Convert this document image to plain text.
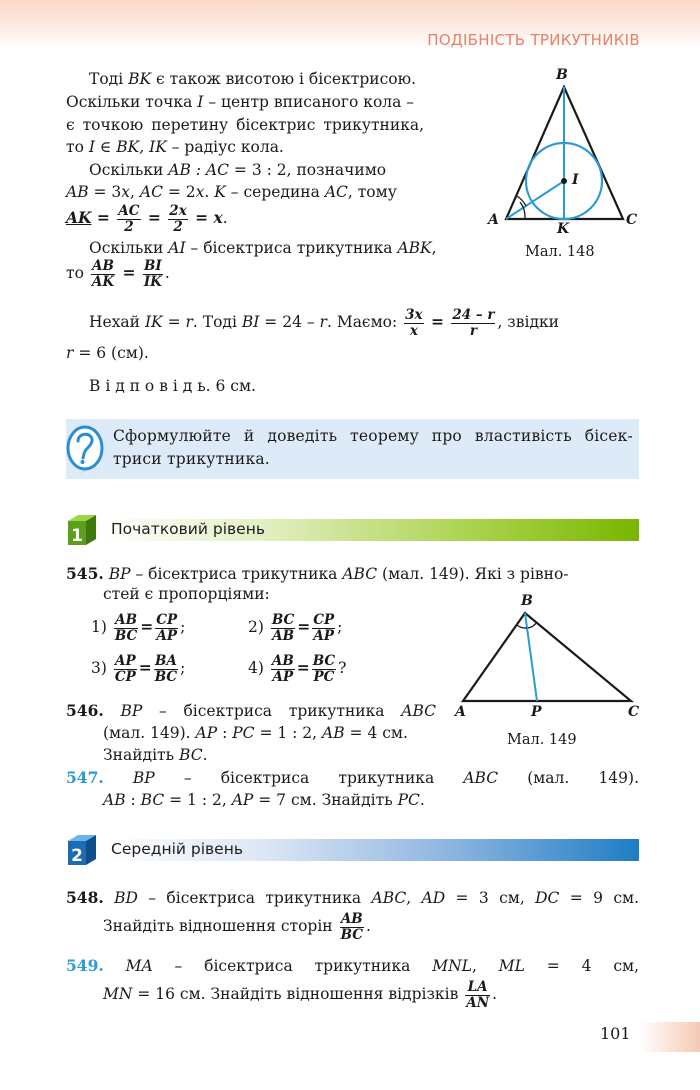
ПОДІБНІСТЬ ТРИКУТНИКІВ
Тоді BK є також висотою і бісектрисою.
Оскільки точка I – центр вписаного кола –
є точкою перетину бісектрис трикутника,
то I ∈ BK, IK – радіус кола.
Оскільки AB : AC = 3 : 2, позначимо
AB = 3x, AC = 2x. K – середина AC, тому
AK = $\frac{AC}{2} = \frac{2x}{2} = x$.
Оскільки AI – бісектриса трикутника ABK,
то $\frac{AB}{AK} = \frac{BI}{IK}$ .
Нехай IK = r. Тоді BI = 24 – r. Маємо: $\frac{3x}{x} = \frac{24 - r}{r}$ , звідки
r = 6 (см).
В і д п о в і д ь. 6 см.
B
I
A	C
K
Мал. 148
Сформулюйте й доведіть теорему про властивість бісек-
триси трикутника.
1 Початковий рівень
545. BP – бісектриса трикутника ABC (мал. 149). Які з рівно-
стей є пропорціями:
$1) \frac{AB}{BC} = \frac{CP}{AP}$ ;	$2) \frac{BC}{AB} = \frac{CP}{AP}$ ;
$3) \frac{AP}{CP} = \frac{BA}{BC}$ ;	$4) \frac{AB}{AP} = \frac{BC}{PC}$ ?
B
A	P	C
Мал. 149
546. BP – бісектриса трикутника ABC
(мал. 149). AP : PC = 1 : 2, AB = 4 см.
Знайдіть BC.
547. BP – бісектриса трикутника ABC (мал. 149).
AB : BC = 1 : 2, AP = 7 см. Знайдіть PC.
2 Середній рівень
548. BD – бісектриса трикутника ABC, AD = 3 см, DC = 9 см.
Знайдіть відношення сторін $\frac{AB}{BC}$ .
549. MA – бісектриса трикутника MNL, ML = 4 см,
MN = 16 см. Знайдіть відношення відрізків $\frac{LA}{AN}$ .
101
